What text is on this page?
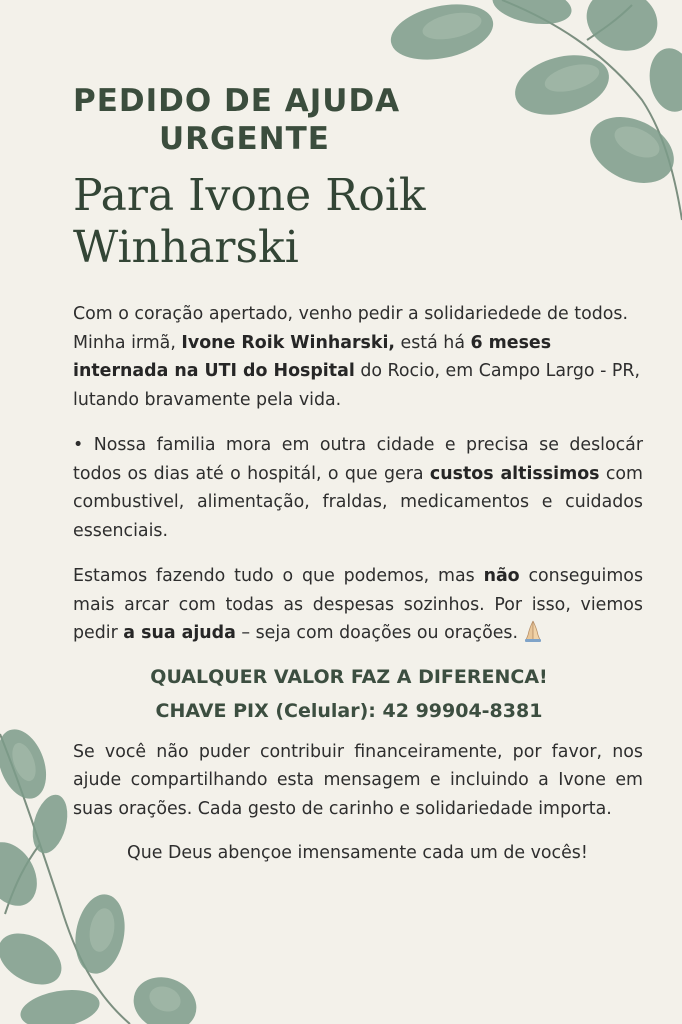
PEDIDO DE AJUDA
URGENTE
Para Ivone Roik
Winharski

Com o coração apertado, venho pedir a solidariedede de todos. Minha irmã, Ivone Roik Winharski, está há 6 meses internada na UTI do Hospital do Rocio, em Campo Largo - PR, lutando bravamente pela vida.

• Nossa familia mora em outra cidade e precisa se deslocár todos os dias até o hospitál, o que gera custos altissimos com combustivel, alimentação, fraldas, medicamentos e cuidados essenciais.

Estamos fazendo tudo o que podemos, mas não conseguimos mais arcar com todas as despesas sozinhos. Por isso, viemos pedir a sua ajuda – seja com doações ou orações.

QUALQUER VALOR FAZ A DIFERENCA!
CHAVE PIX (Celular): 42 99904-8381

Se você não puder contribuir financeiramente, por favor, nos ajude compartilhando esta mensagem e incluindo a Ivone em suas orações. Cada gesto de carinho e solidariedade importa.

Que Deus abençoe imensamente cada um de vocês!
